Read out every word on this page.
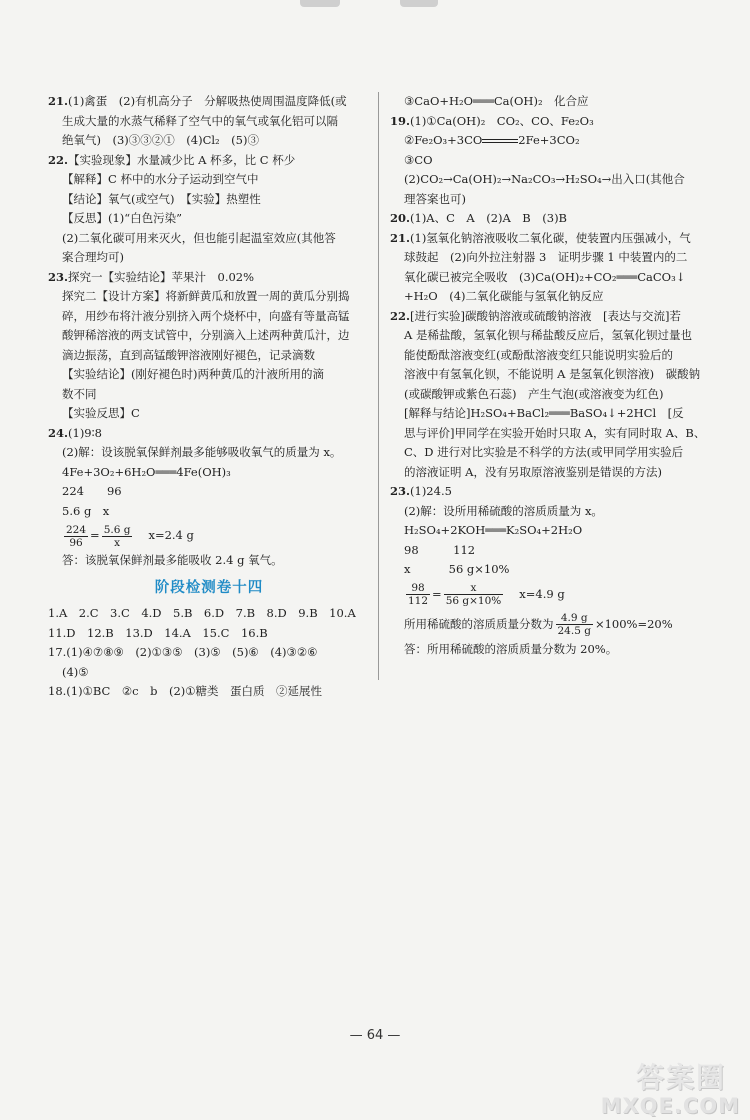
21.(1)禽蛋　(2)有机高分子　分解吸热使周围温度降低(或
生成大量的水蒸气稀释了空气中的氧气或氧化铝可以隔
绝氧气)　(3)③③②①　(4)Cl₂　(5)③
22.【实验现象】水量减少比 A 杯多，比 C 杯少
【解释】C 杯中的水分子运动到空气中
【结论】氧气(或空气)　【实验】热塑性
【反思】(1)“白色污染”
(2)二氧化碳可用来灭火，但也能引起温室效应(其他答
案合理均可)
23.探究一【实验结论】苹果汁　0.02%
探究二【设计方案】将新鲜黄瓜和放置一周的黄瓜分别捣
碎，用纱布将汁液分别挤入两个烧杯中，向盛有等量高锰
酸钾稀溶液的两支试管中，分别滴入上述两种黄瓜汁，边
滴边振荡，直到高锰酸钾溶液刚好褪色，记录滴数
【实验结论】(刚好褪色时)两种黄瓜的汁液所用的滴
数不同
【实验反思】C
24.(1)9∶8
(2)解：设该脱氧保鲜剂最多能够吸收氧气的质量为 x。
4Fe+3O₂+6H₂O═══4Fe(OH)₃
224　　96
5.6 g　x
$\frac{224}{96} = \frac{5.6 g}{x} x=2.4$ g
答：该脱氧保鲜剂最多能吸收 2.4 g 氧气。
阶段检测卷十四
1.A　2.C　3.C　4.D　5.B　6.D　7.B　8.D　9.B　10.A
11.D　12.B　13.D　14.A　15.C　16.B
17.(1)④⑦⑧⑨　(2)①③⑤　(3)⑤　(5)⑥　(4)③②⑥
(4)⑤
18.(1)①BC　②c　b　(2)①糖类　蛋白质　②延展性
③CaO+H₂O═══Ca(OH)₂　化合应
19.(1)①Ca(OH)₂　CO₂、CO、Fe₂O₃
②Fe₂O₃+3CO	2Fe+3CO₂
③CO
(2)CO₂→Ca(OH)₂→Na₂CO₃→H₂SO₄→出入口(其他合
理答案也可)
20.(1)A、C　A　(2)A　B　(3)B
21.(1)氢氧化钠溶液吸收二氧化碳，使装置内压强减小，气
球鼓起　(2)向外拉注射器 3　证明步骤 1 中装置内的二
氧化碳已被完全吸收　(3)Ca(OH)₂+CO₂═══CaCO₃↓
+H₂O　(4)二氧化碳能与氢氧化钠反应
22.[进行实验]碳酸钠溶液或硫酸钠溶液　[表达与交流]若
A 是稀盐酸，氢氧化钡与稀盐酸反应后，氢氧化钡过量也
能使酚酞溶液变红(或酚酞溶液变红只能说明实验后的
溶液中有氢氧化钡，不能说明 A 是氢氧化钡溶液)　碳酸钠
(或碳酸钾或紫色石蕊)　产生气泡(或溶液变为红色)
[解释与结论]H₂SO₄+BaCl₂═══BaSO₄↓+2HCl　[反
思与评价]甲同学在实验开始时只取 A，实有同时取 A、B、
C、D 进行对比实验是不科学的方法(或甲同学用实验后
的溶液证明 A，没有另取原溶液鉴别是错误的方法)
23.(1)24.5
(2)解：设所用稀硫酸的溶质质量为 x。
H₂SO₄+2KOH═══K₂SO₄+2H₂O
98　　　112
x　　　 56 g×10%
$\frac{98}{112} = \frac{x}{56 g\times 10\%} x=4.9$ g
所用稀硫酸的溶质质量分数为 $\frac{4.9 g}{24.5 g} \times 100\%=20\%$
答：所用稀硫酸的溶质质量分数为 20%。
— 64 —
答案圈
MXQE.COM
